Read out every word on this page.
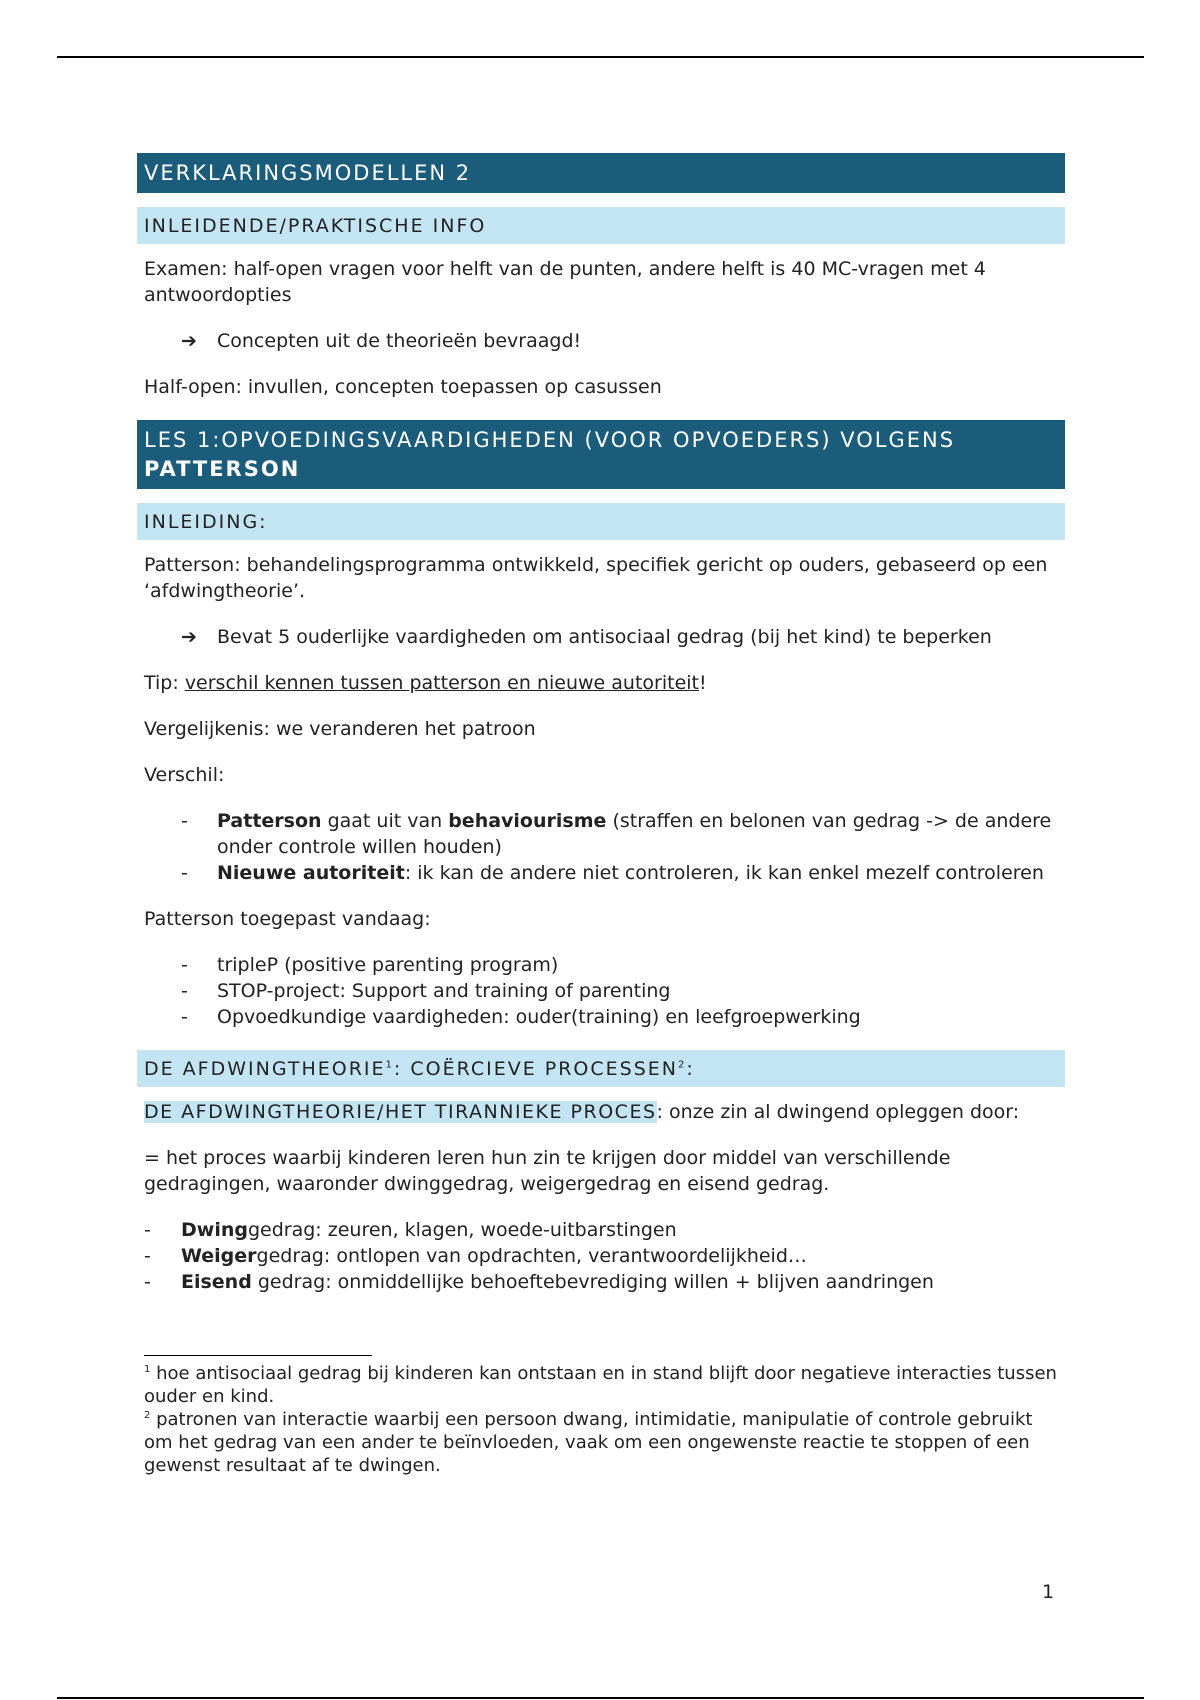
VERKLARINGSMODELLEN 2
INLEIDENDE/PRAKTISCHE INFO
Examen: half-open vragen voor helft van de punten, andere helft is 40 MC-vragen met 4 antwoordopties
➔	Concepten uit de theorieën bevraagd!
Half-open: invullen, concepten toepassen op casussen
LES 1:OPVOEDINGSVAARDIGHEDEN (VOOR OPVOEDERS) VOLGENS
PATTERSON
INLEIDING:
Patterson: behandelingsprogramma ontwikkeld, specifiek gericht op ouders, gebaseerd op een ‘afdwingtheorie’.
➔	Bevat 5 ouderlijke vaardigheden om antisociaal gedrag (bij het kind) te beperken
Tip: verschil kennen tussen patterson en nieuwe autoriteit!
Vergelijkenis: we veranderen het patroon
Verschil:
- Patterson gaat uit van behaviourisme (straffen en belonen van gedrag -> de andere onder controle willen houden)
- Nieuwe autoriteit: ik kan de andere niet controleren, ik kan enkel mezelf controleren
Patterson toegepast vandaag:
- tripleP (positive parenting program)
- STOP-project: Support and training of parenting
- Opvoedkundige vaardigheden: ouder(training) en leefgroepwerking
DE AFDWINGTHEORIE$^1$: COËRCIEVE PROCESSEN$^2$:
DE AFDWINGTHEORIE/HET TIRANNIEKE PROCES: onze zin al dwingend opleggen door:
= het proces waarbij kinderen leren hun zin te krijgen door middel van verschillende gedragingen, waaronder dwinggedrag, weigergedrag en eisend gedrag.
- Dwinggedrag: zeuren, klagen, woede-uitbarstingen
- Weigergedrag: ontlopen van opdrachten, verantwoordelijkheid…
- Eisend gedrag: onmiddellijke behoeftebevrediging willen + blijven aandringen
$^1$ hoe antisociaal gedrag bij kinderen kan ontstaan en in stand blijft door negatieve interacties tussen ouder en kind.
$^2$ patronen van interactie waarbij een persoon dwang, intimidatie, manipulatie of controle gebruikt om het gedrag van een ander te beïnvloeden, vaak om een ongewenste reactie te stoppen of een gewenst resultaat af te dwingen.
1
